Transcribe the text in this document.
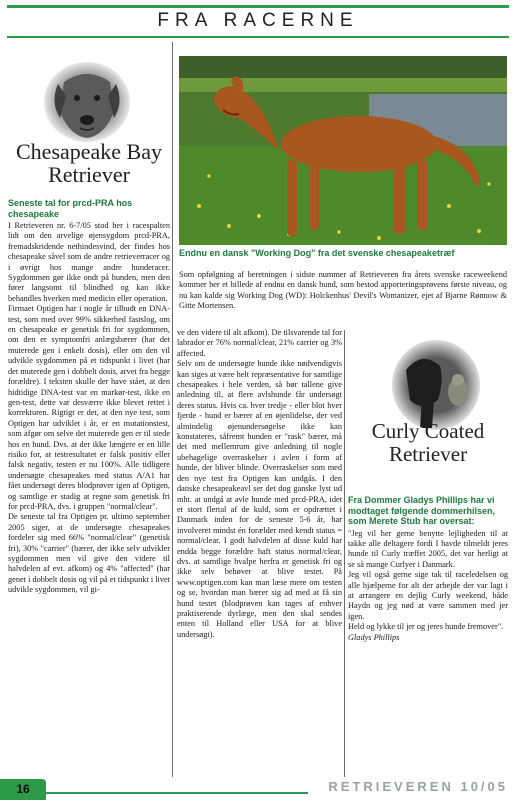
FRA RACERNE
Chesapeake Bay Retriever
Seneste tal for prcd-PRA hos chesapeake

I Retrieveren nr. 6-7/05 stod her i racespalten lidt om den arvelige øjensygdom prcd-PRA, fremadskridende nethindesvind, der findes hos chesapeake såvel som de andre retrieverracer og i øvrigt hos mange andre hunderacer. Sygdommen gør ikke ondt på hunden, men den fører langsomt til blindhed og kan ikke behandles hverken med medicin eller operation.

Firmaet Optigen har i nogle år tilbudt en DNA-test, som med over 99% sikkerhed fastslog, om en chesapeake er genetisk fri for sygdommen, om den er symptomfri anlægsbærer (har det muterede gen i enkelt dosis), eller om den vil udvikle sygdommen på et tidspunkt i livet (har det muterede gen i dobbelt dosis, arvet fra begge forældre). I teksten skulle der have stået, at den hidtidige DNA-test var en markør-test, ikke en gen-test, dette var desværre ikke blevet rettet i korrekturen. Rigtigt er det, at den nye test, som Optigen har udviklet i år, er en mutationstest, som afgør om selve det muterede gen er til stede hos en hund. Dvs. at der ikke længere er en lille risiko for, at testresultatet er falsk positiv eller falsk negativ, testen er nu 100%. Alle tidligere undersøgte chesapeakes med status A/A1 har fået undersøgt deres blodprøver igen af Optigen, og samtlige er stadig at regne som genetisk fri for prcd-PRA, dvs. i gruppen "normal/clear".

De seneste tal fra Optigen pr. ultimo september 2005 siger, at de undersøgte chesapeakes fordeler sig med 66% "normal/clear" (genetisk fri), 30% "carrier" (bærer, der ikke selv udvikler sygdommen men vil give den videre til halvdelen af evt. afkom) og 4% "affected" (har genet i dobbelt dosis og vil på et tidspunkt i livet udvikle sygdommen, vil gi-

Endnu en dansk "Working Dog" fra det svenske chesapeaketræf
Som opfølgning af beretningen i sidste nummer af Retrieveren fra årets svenske raceweekend kommer her et billede af endnu en dansk hund, som bestod apporteringsprøvens første niveau, og nu kan kalde sig Working Dog (WD): Holckenhus' Devil's Womanizer, ejet af Bjarne Rønnow & Gitte Mortensen.

ve den videre til alt afkom). De tilsvarende tal for labrador er 76% normal/clear, 21% carrier og 3% affected.

Selv om de undersøgte hunde ikke nødvendigvis kan siges at være helt repræsentative for samtlige chesapeakes i hele verden, så bør tallene give anledning til, at flere avlshunde får undersøgt deres status. Hvis ca. hver tredje - eller blot hver fjerde - hund er bærer af en øjenlidelse, der ved almindelig øjenundersøgelse ikke kan konstateres, såfremt hunden er "rask" bærer, må det med mellemrum give anledning til nogle ubehagelige overraskelser i avlen i form af hunde, der bliver blinde. Overraskelser som med den nye test fra Optigen kan undgås. I den danske chesapeakeavl ser det dog ganske lyst ud mht. at undgå at avle hunde med prcd-PRA, idet et stort flertal af de kuld, som er opdrættet i Danmark inden for de seneste 5-6 år, har involveret mindst én forælder med kendt status = normal/clear. I godt halvdelen af disse kuld har endda begge forældre haft status normal/clear, dvs. at samtlige hvalpe herfra er genetisk fri og ikke selv behøver at blive testet. På www.optigen.com kan man læse mere om testen og se, hvordan man bærer sig ad med at få sin hund testet (blodprøven kan tages af enhver praktiserende dyrlæge, men den skal sendes enten til Holland eller USA for at blive undersøgt).

Curly Coated Retriever
Fra Dommer Gladys Phillips har vi modtaget følgende dommerhilsen, som Merete Stub har oversat:

"Jeg vil her gerne benytte lejligheden til at takke alle deltagere fordi I havde tilmeldt jeres hunde til Curly træffet 2005, det var herligt at se så mange Curlyer i Danmark.

Jeg vil også gerne sige tak til raceledelsen og alle hjælperne for alt der arbejde der var lagt i at arrangere en dejlig Curly weekend, både Haydn og jeg nød at være sammen med jer igen.

Held og lykke til jer og jeres hunde fremover".

Gladys Phillips

16	RETRIEVEREN 10/05
